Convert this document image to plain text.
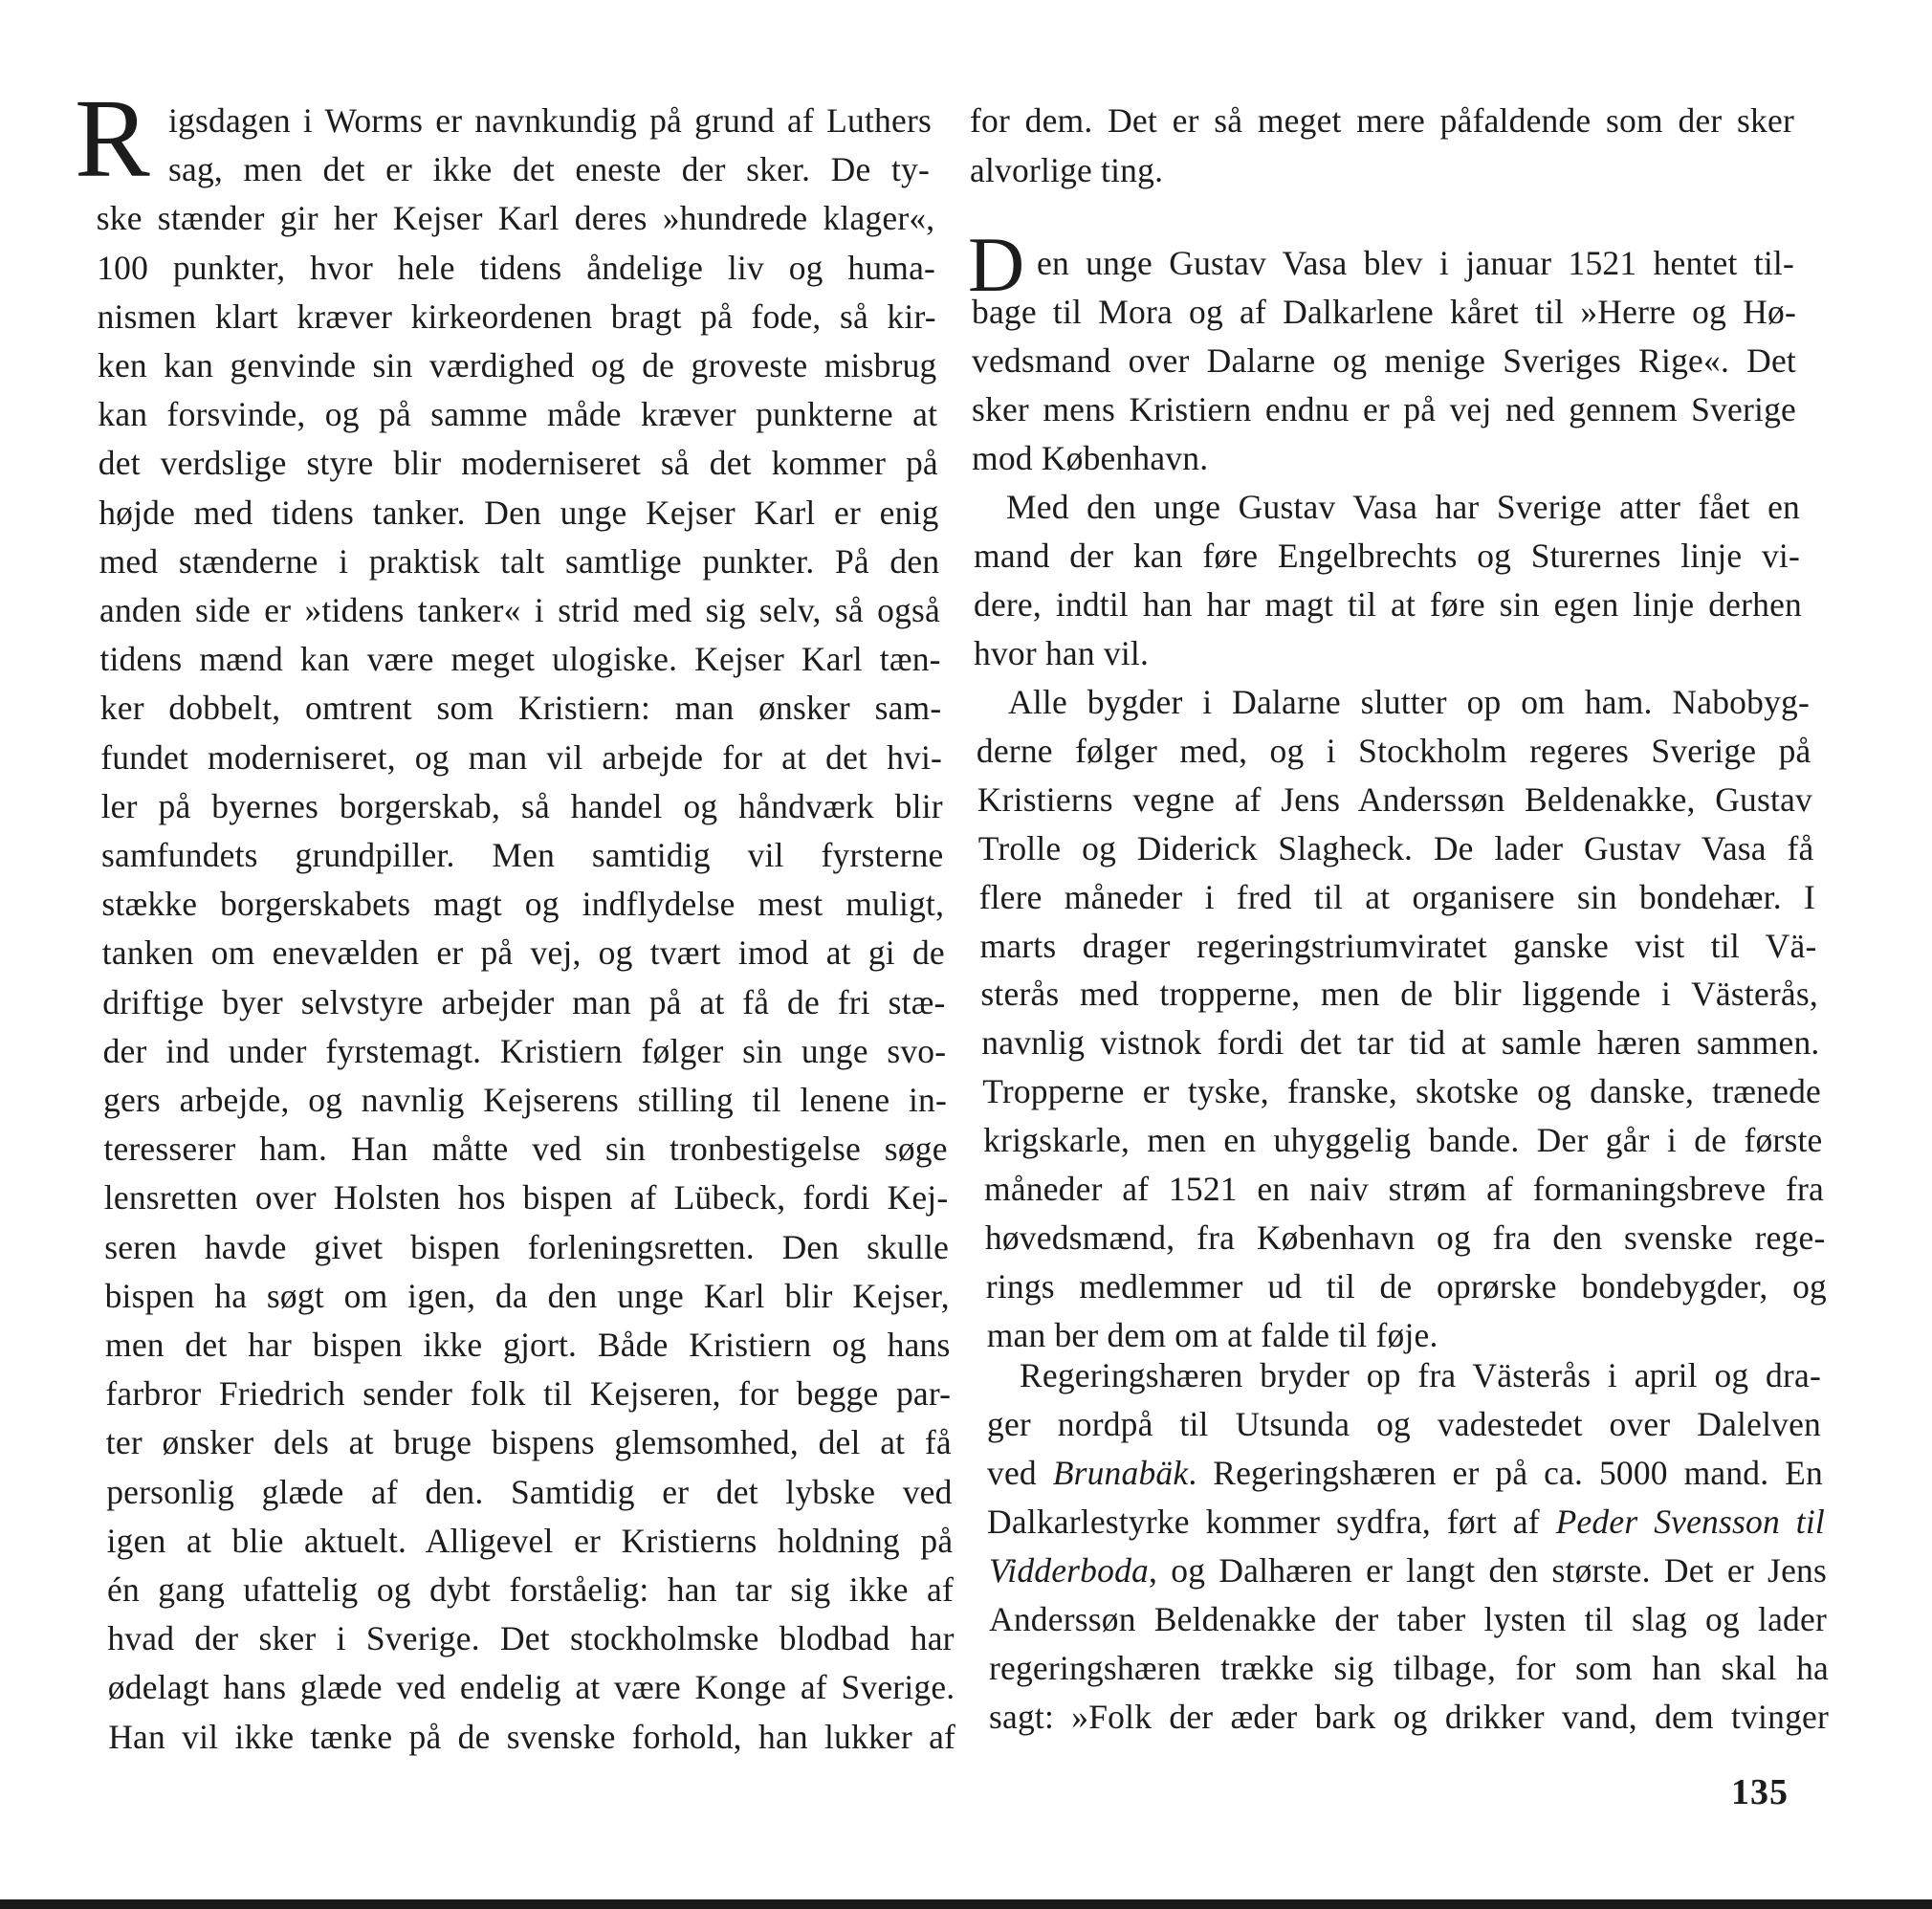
R igsdagen i Worms er navnkundig på grund af Luthers
sag, men det er ikke det eneste der sker. De ty-
ske stænder gir her Kejser Karl deres »hundrede klager«,
100 punkter, hvor hele tidens åndelige liv og huma-
nismen klart kræver kirkeordenen bragt på fode, så kir-
ken kan genvinde sin værdighed og de groveste misbrug
kan forsvinde, og på samme måde kræver punkterne at
det verdslige styre blir moderniseret så det kommer på
højde med tidens tanker. Den unge Kejser Karl er enig
med stænderne i praktisk talt samtlige punkter. På den
anden side er »tidens tanker« i strid med sig selv, så også
tidens mænd kan være meget ulogiske. Kejser Karl tæn-
ker dobbelt, omtrent som Kristiern: man ønsker sam-
fundet moderniseret, og man vil arbejde for at det hvi-
ler på byernes borgerskab, så handel og håndværk blir
samfundets grundpiller. Men samtidig vil fyrsterne
stække borgerskabets magt og indflydelse mest muligt,
tanken om enevælden er på vej, og tvært imod at gi de
driftige byer selvstyre arbejder man på at få de fri stæ-
der ind under fyrstemagt. Kristiern følger sin unge svo-
gers arbejde, og navnlig Kejserens stilling til lenene in-
teresserer ham. Han måtte ved sin tronbestigelse søge
lensretten over Holsten hos bispen af Lübeck, fordi Kej-
seren havde givet bispen forleningsretten. Den skulle
bispen ha søgt om igen, da den unge Karl blir Kejser,
men det har bispen ikke gjort. Både Kristiern og hans
farbror Friedrich sender folk til Kejseren, for begge par-
ter ønsker dels at bruge bispens glemsomhed, del at få
personlig glæde af den. Samtidig er det lybske ved
igen at blie aktuelt. Alligevel er Kristierns holdning på
én gang ufattelig og dybt forståelig: han tar sig ikke af
hvad der sker i Sverige. Det stockholmske blodbad har
ødelagt hans glæde ved endelig at være Konge af Sverige.
Han vil ikke tænke på de svenske forhold, han lukker af
for dem. Det er så meget mere påfaldende som der sker
alvorlige ting.
D en unge Gustav Vasa blev i januar 1521 hentet til-
bage til Mora og af Dalkarlene kåret til »Herre og Hø-
vedsmand over Dalarne og menige Sveriges Rige«. Det
sker mens Kristiern endnu er på vej ned gennem Sverige
mod København.
Med den unge Gustav Vasa har Sverige atter fået en
mand der kan føre Engelbrechts og Sturernes linje vi-
dere, indtil han har magt til at føre sin egen linje derhen
hvor han vil.
Alle bygder i Dalarne slutter op om ham. Nabobyg-
derne følger med, og i Stockholm regeres Sverige på
Kristierns vegne af Jens Anderssøn Beldenakke, Gustav
Trolle og Diderick Slagheck. De lader Gustav Vasa få
flere måneder i fred til at organisere sin bondehær. I
marts drager regeringstriumviratet ganske vist til Vä-
sterås med tropperne, men de blir liggende i Västerås,
navnlig vistnok fordi det tar tid at samle hæren sammen.
Tropperne er tyske, franske, skotske og danske, trænede
krigskarle, men en uhyggelig bande. Der går i de første
måneder af 1521 en naiv strøm af formaningsbreve fra
høvedsmænd, fra København og fra den svenske rege-
rings medlemmer ud til de oprørske bondebygder, og
man ber dem om at falde til føje.
Regeringshæren bryder op fra Västerås i april og dra-
ger nordpå til Utsunda og vadestedet over Dalelven
ved Brunabäk. Regeringshæren er på ca. 5000 mand. En
Dalkarlestyrke kommer sydfra, ført af Peder Svensson til
Vidderboda, og Dalhæren er langt den største. Det er Jens
Anderssøn Beldenakke der taber lysten til slag og lader
regeringshæren trække sig tilbage, for som han skal ha
sagt: »Folk der æder bark og drikker vand, dem tvinger
135
